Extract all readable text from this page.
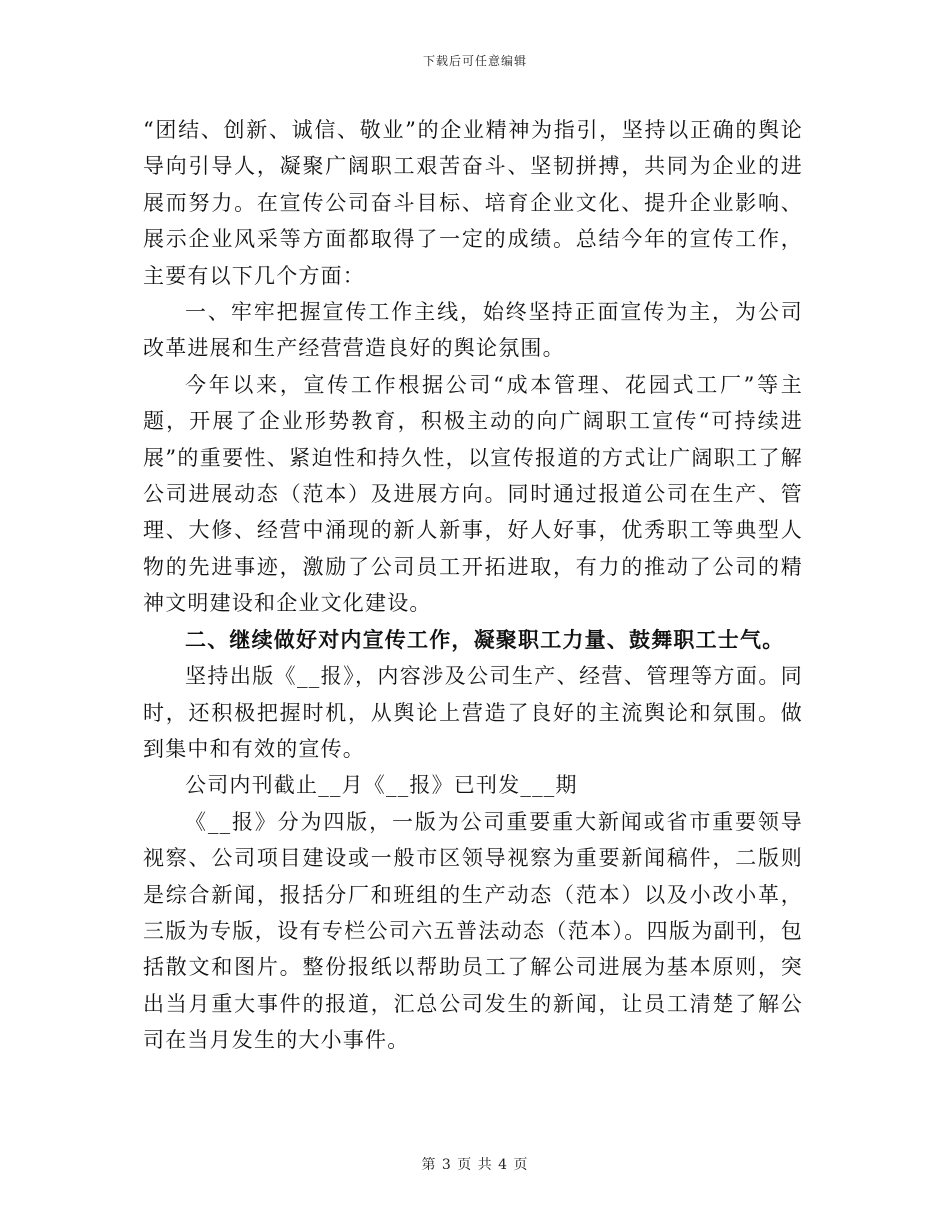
下载后可任意编辑

“团结、创新、诚信、敬业”的企业精神为指引，坚持以正确的舆论导向引导人，凝聚广阔职工艰苦奋斗、坚韧拼搏，共同为企业的进展而努力。在宣传公司奋斗目标、培育企业文化、提升企业影响、展示企业风采等方面都取得了一定的成绩。总结今年的宣传工作，主要有以下几个方面：

一、牢牢把握宣传工作主线，始终坚持正面宣传为主，为公司改革进展和生产经营营造良好的舆论氛围。

今年以来，宣传工作根据公司“成本管理、花园式工厂”等主题，开展了企业形势教育，积极主动的向广阔职工宣传“可持续进展”的重要性、紧迫性和持久性，以宣传报道的方式让广阔职工了解公司进展动态（范本）及进展方向。同时通过报道公司在生产、管理、大修、经营中涌现的新人新事，好人好事，优秀职工等典型人物的先进事迹，激励了公司员工开拓进取，有力的推动了公司的精神文明建设和企业文化建设。

二、继续做好对内宣传工作，凝聚职工力量、鼓舞职工士气。

坚持出版《__报》，内容涉及公司生产、经营、管理等方面。同时，还积极把握时机，从舆论上营造了良好的主流舆论和氛围。做到集中和有效的宣传。

公司内刊截止__月《__报》已刊发___期

《__报》分为四版，一版为公司重要重大新闻或省市重要领导视察、公司项目建设或一般市区领导视察为重要新闻稿件，二版则是综合新闻，报括分厂和班组的生产动态（范本）以及小改小革，三版为专版，设有专栏公司六五普法动态（范本）。四版为副刊，包括散文和图片。整份报纸以帮助员工了解公司进展为基本原则，突出当月重大事件的报道，汇总公司发生的新闻，让员工清楚了解公司在当月发生的大小事件。

第 3 页 共 4 页
